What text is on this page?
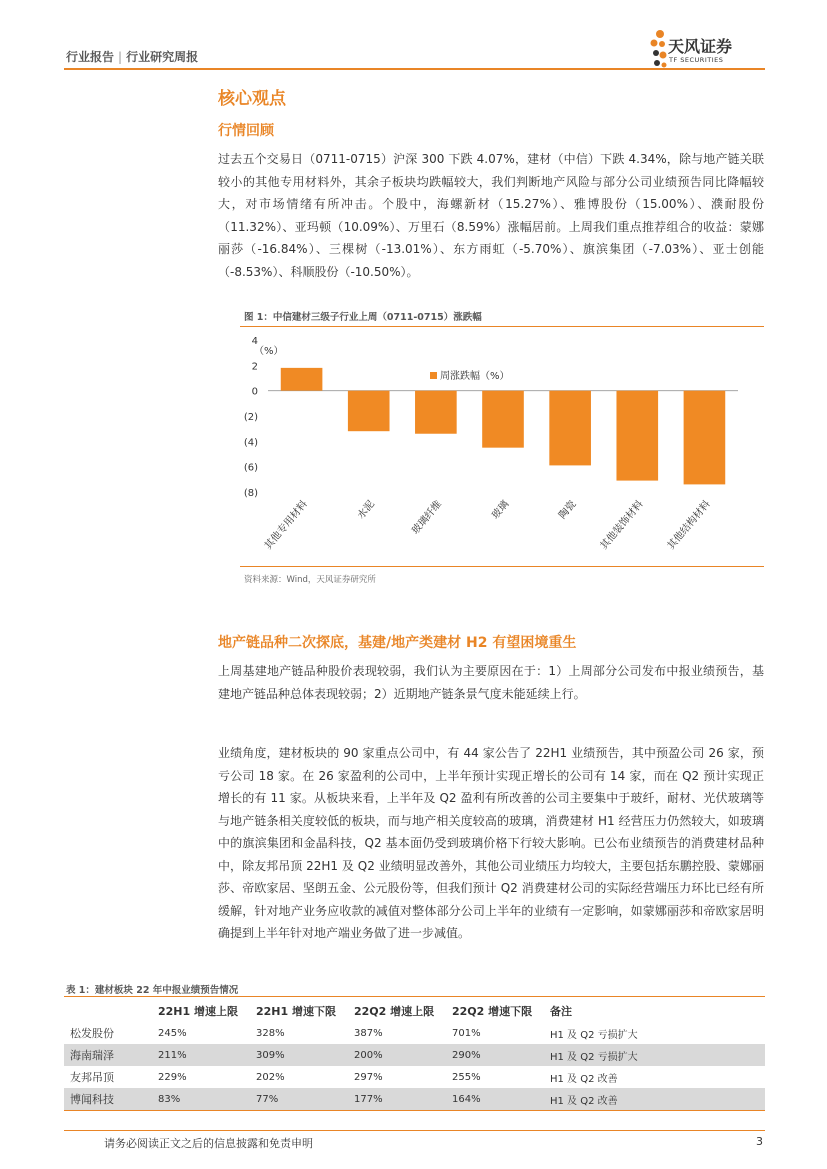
行业报告 | 行业研究周报
天风证券
TF SECURITIES
核心观点
行情回顾

过去五个交易日（0711-0715）沪深 300 下跌 4.07%，建材（中信）下跌 4.34%，除与地产链关联较小的其他专用材料外，其余子板块均跌幅较大，我们判断地产风险与部分公司业绩预告同比降幅较大，对市场情绪有所冲击。个股中，海螺新材（15.27%）、雅博股份（15.00%）、濮耐股份（11.32%）、亚玛顿（10.09%）、万里石（8.59%）涨幅居前。上周我们重点推荐组合的收益：蒙娜丽莎（-16.84%）、三棵树（-13.01%）、东方雨虹（-5.70%）、旗滨集团（-7.03%）、亚士创能（-8.53%）、科顺股份（-10.50%）。

图 1：中信建材三级子行业上周（0711-0715）涨跌幅
（%）
4
2
0
(2)
(4)
(6)
(8)
其他专用材料	水泥	玻璃纤维	玻璃	陶瓷 其他装饰材料 其他结构材料
周涨跌幅（%）
资料来源：Wind，天风证券研究所
地产链品种二次探底，基建/地产类建材 H2 有望困境重生

上周基建地产链品种股价表现较弱，我们认为主要原因在于：1）上周部分公司发布中报业绩预告，基建地产链品种总体表现较弱；2）近期地产链条景气度未能延续上行。

业绩角度，建材板块的 90 家重点公司中，有 44 家公告了 22H1 业绩预告，其中预盈公司 26 家，预亏公司 18 家。在 26 家盈利的公司中，上半年预计实现正增长的公司有 14 家，而在 Q2 预计实现正增长的有 11 家。从板块来看，上半年及 Q2 盈利有所改善的公司主要集中于玻纤，耐材、光伏玻璃等与地产链条相关度较低的板块，而与地产相关度较高的玻璃，消费建材 H1 经营压力仍然较大，如玻璃中的旗滨集团和金晶科技，Q2 基本面仍受到玻璃价格下行较大影响。已公布业绩预告的消费建材品种中，除友邦吊顶 22H1 及 Q2 业绩明显改善外，其他公司业绩压力均较大，主要包括东鹏控股、蒙娜丽莎、帝欧家居、坚朗五金、公元股份等，但我们预计 Q2 消费建材公司的实际经营端压力环比已经有所缓解，针对地产业务应收款的减值对整体部分公司上半年的业绩有一定影响，如蒙娜丽莎和帝欧家居明确提到上半年针对地产端业务做了进一步减值。

表 1：建材板块 22 年中报业绩预告情况
	22H1 增速上限	22H1 增速下限	22Q2 增速上限	22Q2 增速下限	备注
松发股份	245%	328%	387%	701%	H1 及 Q2 亏损扩大
海南瑞泽	211%	309%	200%	290%	H1 及 Q2 亏损扩大
友邦吊顶	229%	202%	297%	255%	H1 及 Q2 改善
博闻科技	83%	77%	177%	164%	H1 及 Q2 改善
请务必阅读正文之后的信息披露和免责申明	3
